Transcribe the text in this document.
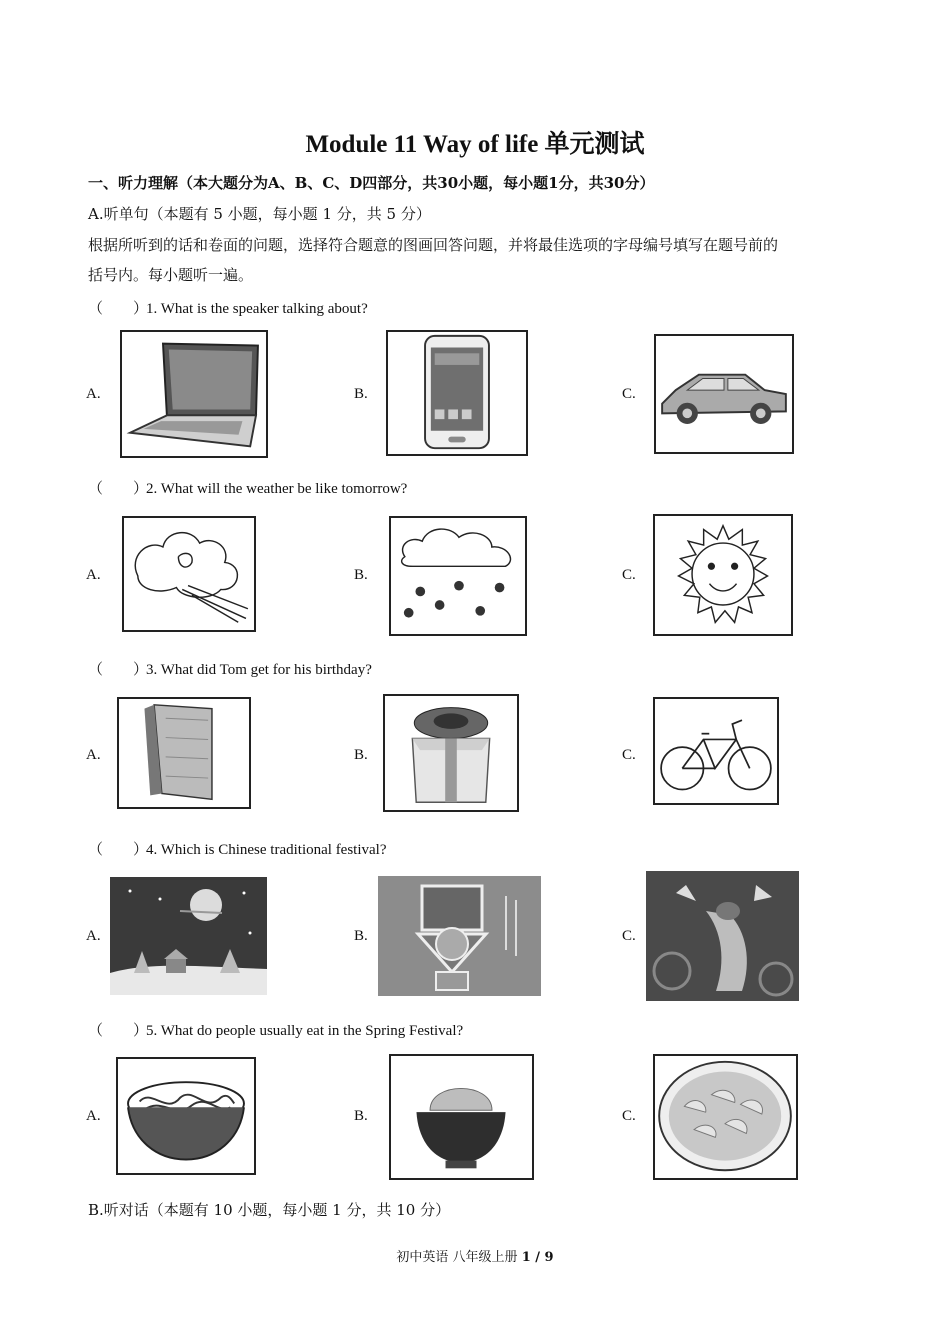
Module 11 Way of life 单元测试
一、听力理解（本大题分为A、B、C、D四部分，共30小题，每小题1分，共30分）
A.听单句（本题有 5 小题，每小题 1 分，共 5 分）
根据所听到的话和卷面的问题，选择符合题意的图画回答问题，并将最佳选项的字母编号填写在题号前的
括号内。每小题听一遍。
（　　）1. What is the speaker talking about?
A.	B.	C.
（　　）2. What will the weather be like tomorrow?
A.	B.	C.
（　　）3. What did Tom get for his birthday?
A.	B.	C.
（　　）4. Which is Chinese traditional festival?
A.	B.	C.
（　　）5. What do people usually eat in the Spring Festival?
A.	B.	C.
B.听对话（本题有 10 小题，每小题 1 分，共 10 分）
初中英语 八年级上册 1 / 9
